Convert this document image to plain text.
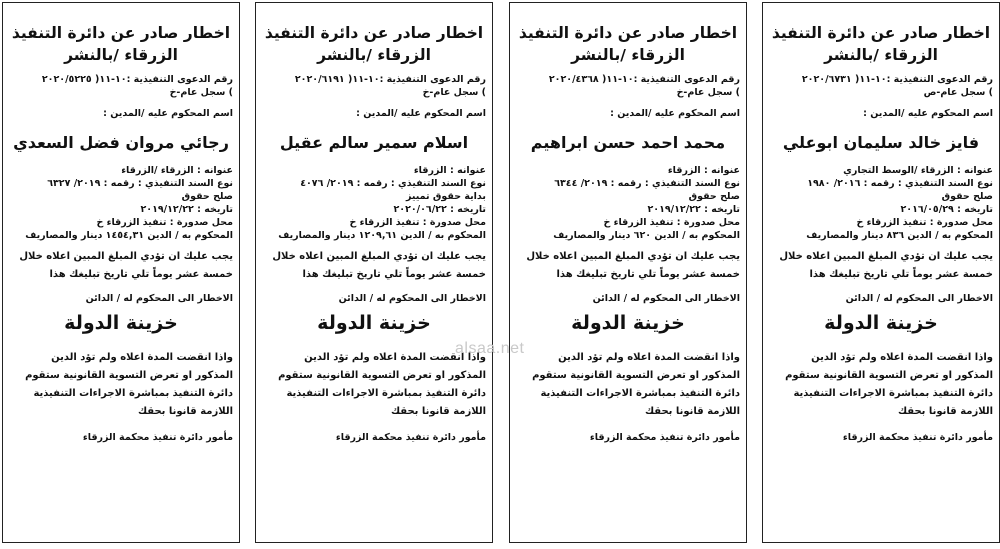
اخطار صادر عن دائرة التنفيذ
الزرقاء /بالنشر
رقم الدعوى التنفيذية :١٠-١١( ٢٠٢٠/٦٧٣١
) سجل عام-ص
اسم المحكوم عليه /المدين :
فايز خالد سليمان ابوعلي
عنوانه : الزرقاء /الوسط التجاري
نوع السند التنفيذي : رقمه : ٢٠١٦/ ١٩٨٠
صلح حقوق
تاريخه : ٢٠١٦/٠٥/٢٩
محل صدورة : تنفيذ الزرقاء خ
المحكوم به / الدين ٨٣٦ دينار والمصاريف
يجب عليك ان تؤدي المبلغ المبين اعلاه خلال
خمسة عشر يوماً تلي تاريخ تبليغك هذا
الاخطار الى المحكوم له / الدائن
خزينة الدولة
واذا انقضت المدة اعلاه ولم تؤد الدين
المذكور او تعرض التسوية القانونية ستقوم
دائرة التنفيذ بمباشرة الاجراءات التنفيذية
اللازمة قانونا بحقك
مأمور دائرة تنفيذ محكمة الزرقاء
اخطار صادر عن دائرة التنفيذ
الزرقاء /بالنشر
رقم الدعوى التنفيذية :١٠-١١( ٢٠٢٠/٤٣٦٨
) سجل عام-خ
اسم المحكوم عليه /المدين :
محمد احمد حسن ابراهيم
عنوانه : الزرقاء
نوع السند التنفيذي : رقمه : ٢٠١٩/ ٦٣٤٤
صلح حقوق
تاريخه : ٢٠١٩/١٢/٢٢
محل صدورة : تنفيذ الزرقاء خ
المحكوم به / الدين ٦٢٠ دينار والمصاريف
يجب عليك ان تؤدي المبلغ المبين اعلاه خلال
خمسة عشر يوماً تلي تاريخ تبليغك هذا
الاخطار الى المحكوم له / الدائن
خزينة الدولة
واذا انقضت المدة اعلاه ولم تؤد الدين
المذكور او تعرض التسوية القانونية ستقوم
دائرة التنفيذ بمباشرة الاجراءات التنفيذية
اللازمة قانونا بحقك
مأمور دائرة تنفيذ محكمة الزرقاء
اخطار صادر عن دائرة التنفيذ
الزرقاء /بالنشر
رقم الدعوى التنفيذية :١٠-١١( ٢٠٢٠/٦١٩١
) سجل عام-خ
اسم المحكوم عليه /المدين :
اسلام سمير سالم عقيل
عنوانه : الزرقاء
نوع السند التنفيذي : رقمه : ٢٠١٩/ ٤٠٧٦
بداية حقوق تمييز
تاريخه : ٢٠٢٠/٠٦/٢٢
محل صدورة : تنفيذ الزرقاء خ
المحكوم به / الدين ١٢٠٩,٦١ دينار والمصاريف
يجب عليك ان تؤدي المبلغ المبين اعلاه خلال
خمسة عشر يوماً تلي تاريخ تبليغك هذا
الاخطار الى المحكوم له / الدائن
خزينة الدولة
واذا انقضت المدة اعلاه ولم تؤد الدين
المذكور او تعرض التسوية القانونية ستقوم
دائرة التنفيذ بمباشرة الاجراءات التنفيذية
اللازمة قانونا بحقك
مأمور دائرة تنفيذ محكمة الزرقاء
اخطار صادر عن دائرة التنفيذ
الزرقاء /بالنشر
رقم الدعوى التنفيذية :١٠-١١( ٢٠٢٠/٥٢٢٥
) سجل عام-خ
اسم المحكوم عليه /المدين :
رجائي مروان فضل السعدي
عنوانه : الزرقاء /الزرقاء
نوع السند التنفيذي : رقمه : ٢٠١٩/ ٦٣٢٧
صلح حقوق
تاريخه : ٢٠١٩/١٢/٢٢
محل صدورة : تنفيذ الزرقاء خ
المحكوم به / الدين ١٤٥٤,٣١ دينار والمصاريف
يجب عليك ان تؤدي المبلغ المبين اعلاه خلال
خمسة عشر يوماً تلي تاريخ تبليغك هذا
الاخطار الى المحكوم له / الدائن
خزينة الدولة
واذا انقضت المدة اعلاه ولم تؤد الدين
المذكور او تعرض التسوية القانونية ستقوم
دائرة التنفيذ بمباشرة الاجراءات التنفيذية
اللازمة قانونا بحقك
مأمور دائرة تنفيذ محكمة الزرقاء
alsaa.net
